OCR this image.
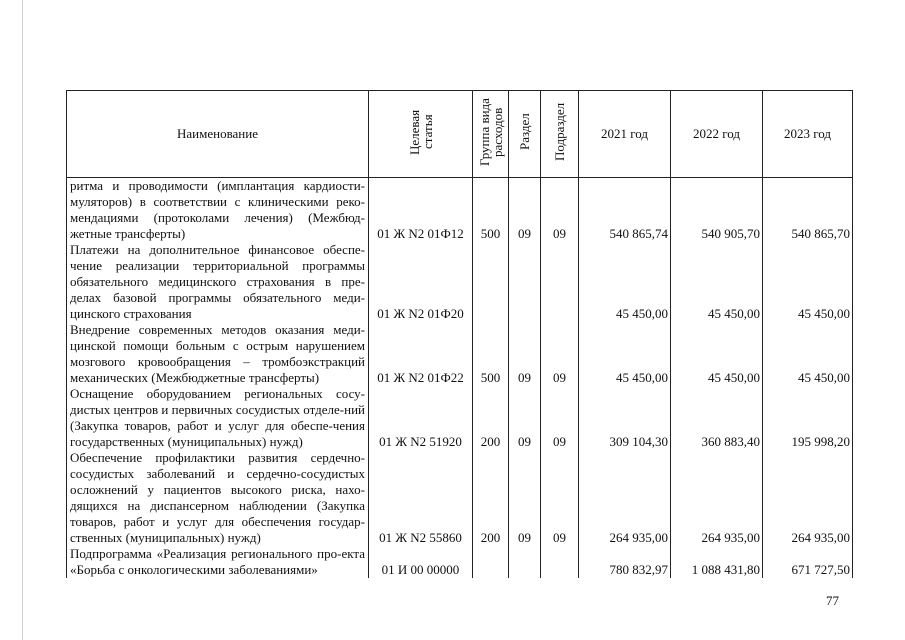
Наименование	Целевая статья	Группа вида расходов	Раздел	Подраздел	2021 год	2022 год	2023 год
ритма и проводимости (имплантация кардиости-муляторов) в соответствии с клиническими реко-мендациями (протоколами лечения) (Межбюд-жетные трансферты)	01 Ж N2 01Ф12	500	09	09	540 865,74	540 905,70	540 865,70
Платежи на дополнительное финансовое обеспе-чение реализации территориальной программы обязательного медицинского страхования в пре-делах базовой программы обязательного меди-цинского страхования	01 Ж N2 01Ф20				45 450,00	45 450,00	45 450,00
Внедрение современных методов оказания меди-цинской помощи больным с острым нарушением мозгового кровообращения – тромбоэкстракций механических (Межбюджетные трансферты)	01 Ж N2 01Ф22	500	09	09	45 450,00	45 450,00	45 450,00
Оснащение оборудованием региональных сосу-дистых центров и первичных сосудистых отделе-ний (Закупка товаров, работ и услуг для обеспе-чения государственных (муниципальных) нужд)	01 Ж N2 51920	200	09	09	309 104,30	360 883,40	195 998,20
Обеспечение профилактики развития сердечно-сосудистых заболеваний и сердечно-сосудистых осложнений у пациентов высокого риска, нахо-дящихся на диспансерном наблюдении (Закупка товаров, работ и услуг для обеспечения государ-ственных (муниципальных) нужд)	01 Ж N2 55860	200	09	09	264 935,00	264 935,00	264 935,00
Подпрограмма «Реализация регионального про-екта «Борьба с онкологическими заболеваниями»	01 И 00 00000				780 832,97	1 088 431,80	671 727,50
77
